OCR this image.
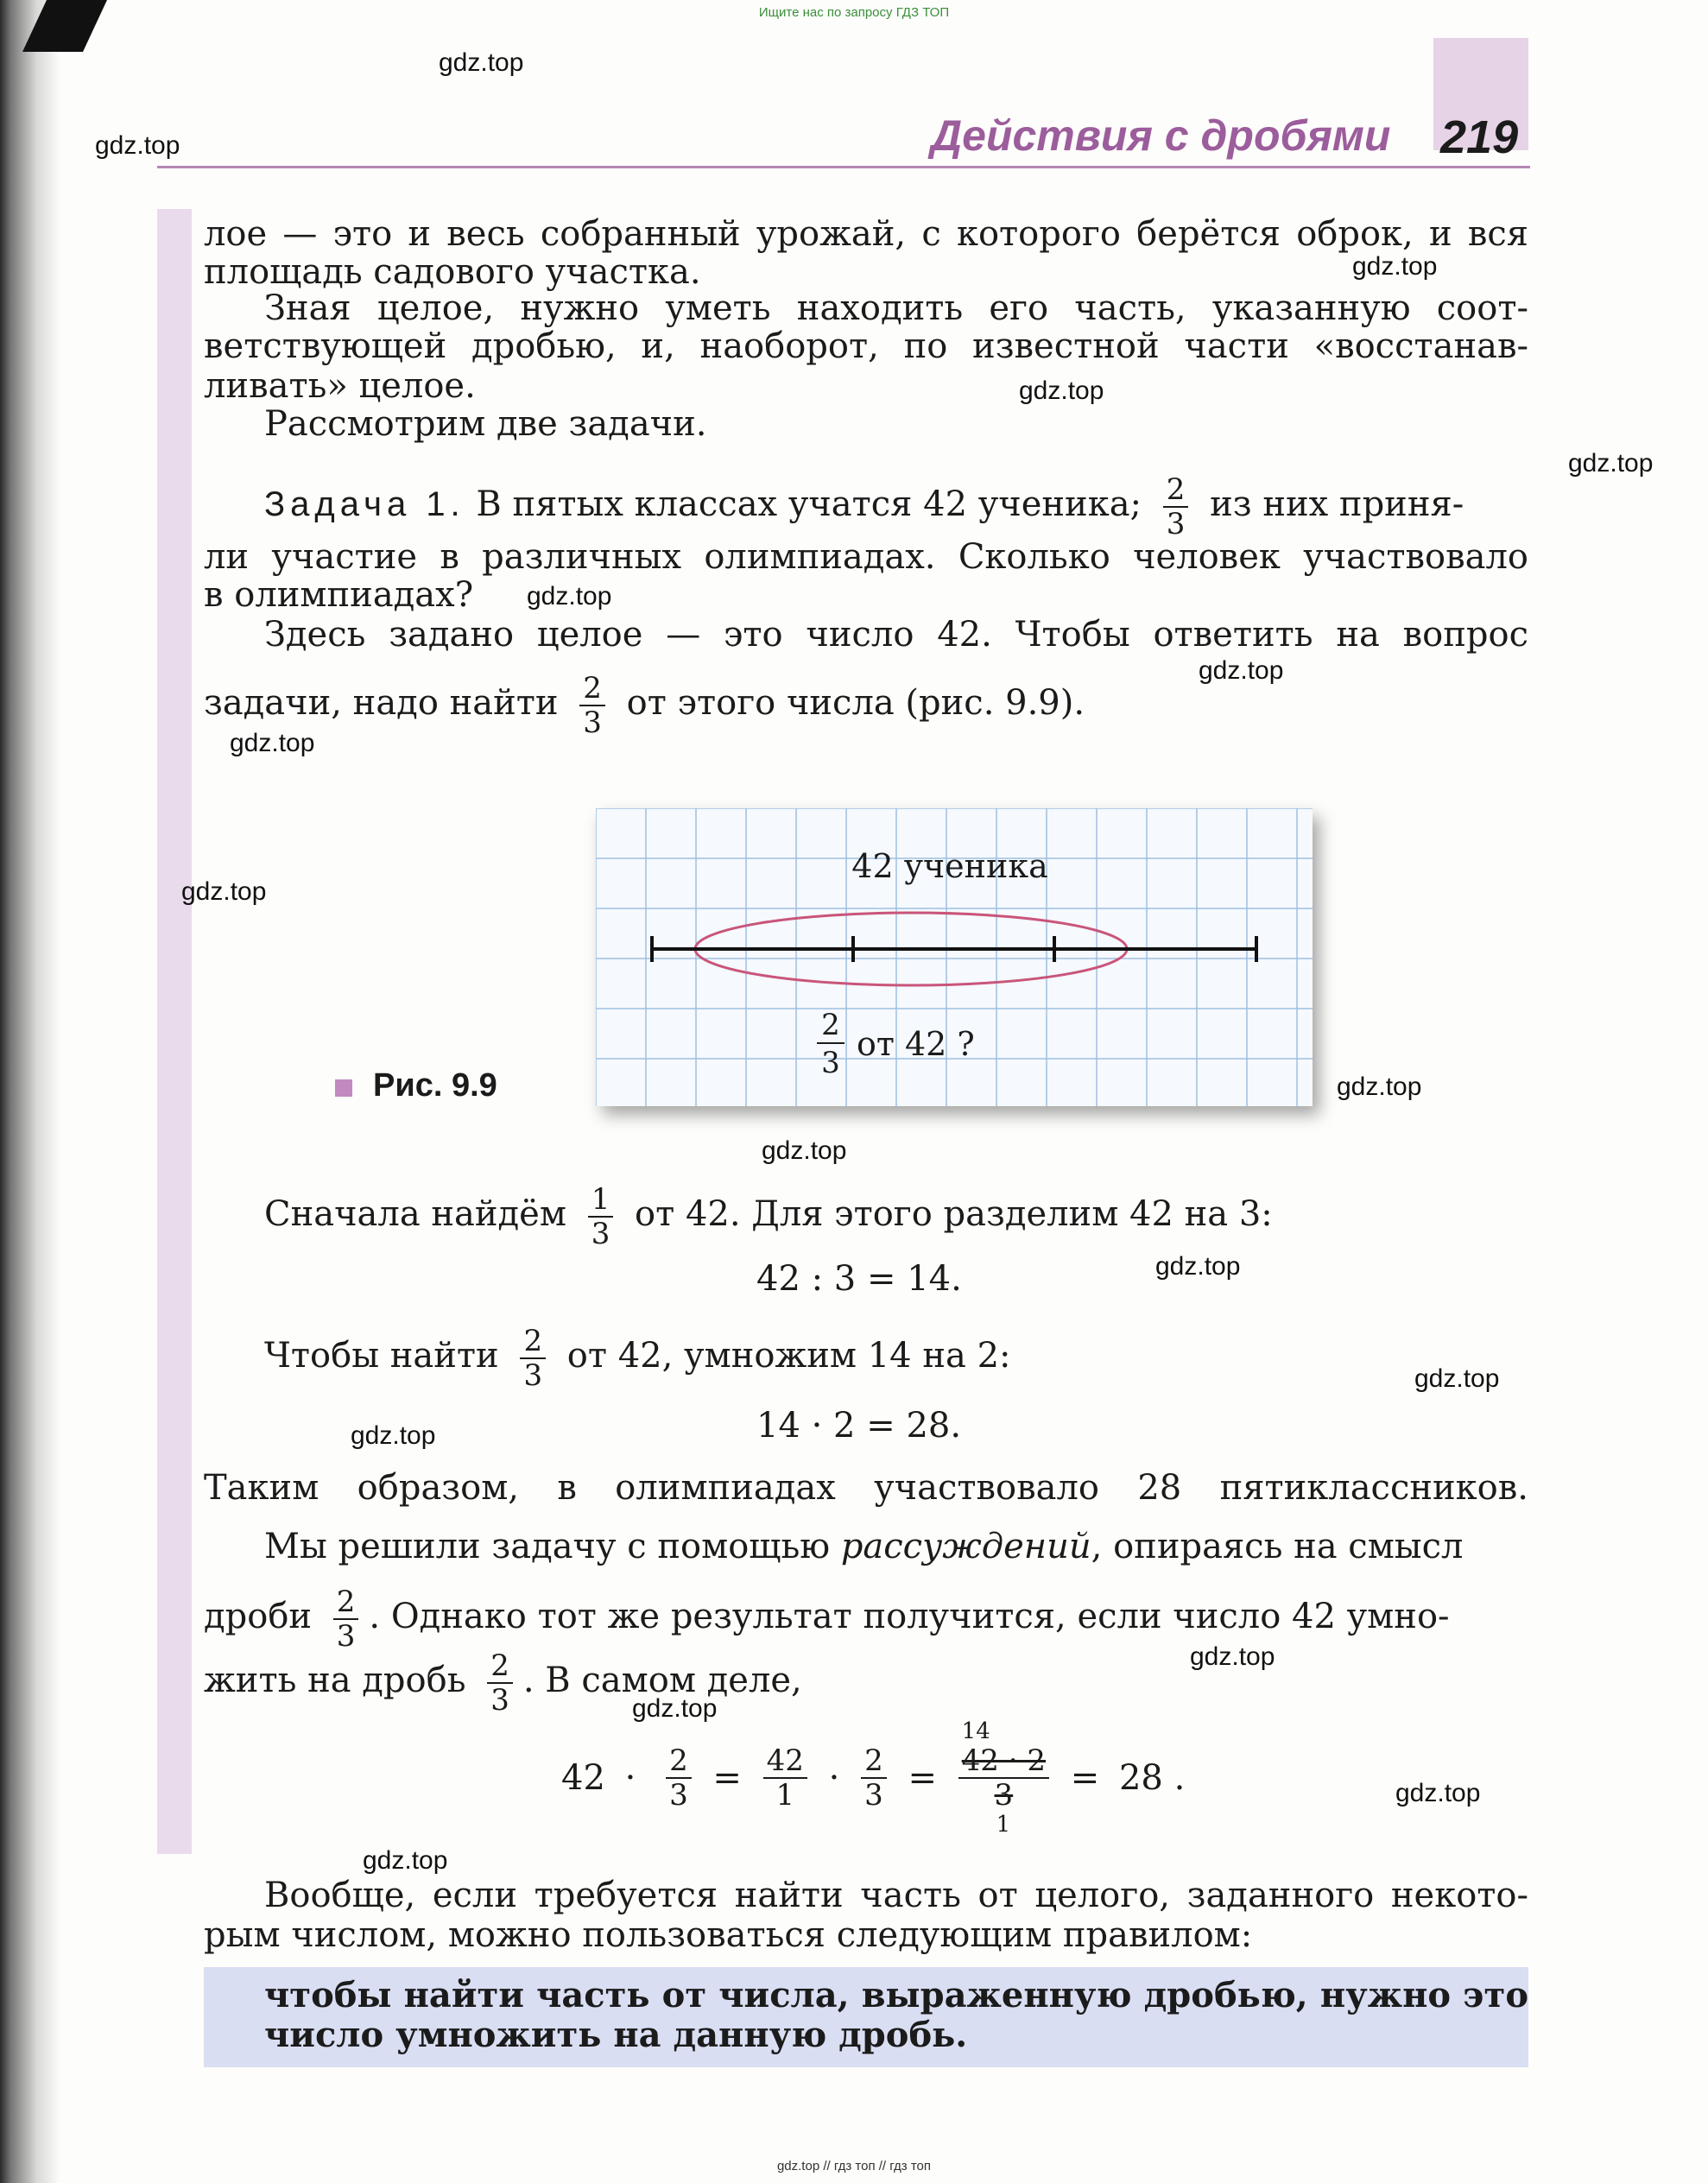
Ищите нас по запросу ГДЗ ТОП
gdz.top // гдз топ // гдз топ
Действия с дробями 219
лое — это и весь собранный урожай, с которого берётся оброк, и вся
площадь садового участка.
Зная целое, нужно уметь находить его часть, указанную соот-
ветствующей дробью, и, наоборот, по известной части «восстанав-
ливать» целое.
Рассмотрим две задачи.
Задача 1. В пятых классах учатся 42 ученика; $\frac{2}{3}$ из них приня-
ли участие в различных олимпиадах. Сколько человек участвовало
в олимпиадах?
Здесь задано целое — это число 42. Чтобы ответить на вопрос
задачи, надо найти $\frac{2}{3}$ от этого числа (рис. 9.9).
Рис. 9.9
42 ученика
2
3 от 42 ?
Сначала найдём $\frac{1}{3}$ от 42. Для этого разделим 42 на 3:
42 : 3 = 14.
Чтобы найти $\frac{2}{3}$ от 42, умножим 14 на 2:
14 · 2 = 28.
Таким образом, в олимпиадах участвовало 28 пятиклассников.
Мы решили задачу с помощью рассуждений, опираясь на смысл
дроби $\frac{2}{3}$ . Однако тот же результат получится, если число 42 умно-
жить на дробь $\frac{2}{3}$ . В самом деле,
$42 \cdot \frac{2}{3} = \frac{42}{1} \cdot \frac{2}{3}$ =
14
42 · 2
3
1
= 28 .
Вообще, если требуется найти часть от целого, заданного некото-
рым числом, можно пользоваться следующим правилом:
чтобы найти часть от числа, выраженную дробью, нужно это
число умножить на данную дробь.
gdz.top
gdz.top
gdz.top
gdz.top
gdz.top
gdz.top
gdz.top
gdz.top
gdz.top
gdz.top
gdz.top
gdz.top
gdz.top
gdz.top
gdz.top
gdz.top
gdz.top
gdz.top
